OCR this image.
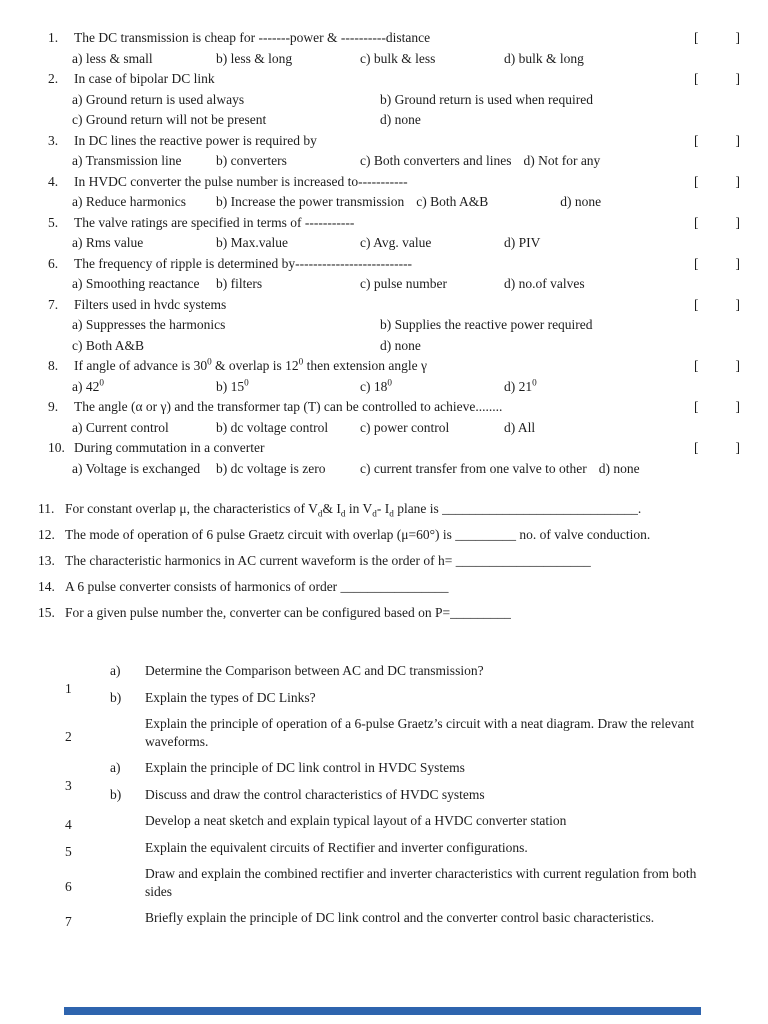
1.	The DC transmission is cheap for -------power & ----------distance	[	]
a) less & small	b) less & long	c) bulk & less	d) bulk & long
2.	In case of bipolar DC link	[	]
a) Ground return is used always	b) Ground return is used when required
c) Ground return will not be present	d) none
3.	In DC lines the reactive power is required by	[	]
a) Transmission line	b) converters	c) Both converters and lines d) Not for any
4.	In HVDC converter the pulse number is increased to-----------	[	]
a) Reduce harmonics	b) Increase the power transmission c) Both A&B	d) none
5.	The valve ratings are specified in terms of -----------	[	]
a) Rms value	b) Max.value	c) Avg. value	d) PIV
6.	The frequency of ripple is determined by--------------------------	[	]
a) Smoothing reactance	b) filters	c) pulse number	d) no.of valves
7.	Filters used in hvdc systems	[	]
a) Suppresses the harmonics	b) Supplies the reactive power required
c) Both A&B	d) none
8.	If angle of advance is $30^0$ & overlap is $12^0$ then extension angle γ	[	]
a) $42^0$	b) $15^0$	c) $18^0$	d) $21^0$
9.	The angle (α or γ) and the transformer tap (T) can be controlled to achieve........	[	]
a) Current control	b) dc voltage control	c) power control	d) All
10. During commutation in a converter	[	]
a) Voltage is exchanged b) dc voltage is zero	c) current transfer from one valve to other d) none
11. For constant overlap μ, the characteristics of $V_d\&$ $I_d$ in $V_d-$ $I_d$ plane is _____________________________.
12. The mode of operation of 6 pulse Graetz circuit with overlap (μ=60°) is _________ no. of valve conduction.
13. The characteristic harmonics in AC current waveform is the order of h= ____________________
14. A 6 pulse converter consists of harmonics of order ________________
15. For a given pulse number the, converter can be configured based on P=_________
1
a)	Determine the Comparison between AC and DC transmission?
b)	Explain the types of DC Links?
2
Explain the principle of operation of a 6-pulse Graetz’s circuit with a neat diagram. Draw the relevant waveforms.
3
a)	Explain the principle of DC link control in HVDC Systems
b)	Discuss and draw the control characteristics of HVDC systems
4	Develop a neat sketch and explain typical layout of a HVDC converter station
5	Explain the equivalent circuits of Rectifier and inverter configurations.
6
Draw and explain the combined rectifier and inverter characteristics with current regulation from both sides
7	Briefly explain the principle of DC link control and the converter control basic characteristics.
